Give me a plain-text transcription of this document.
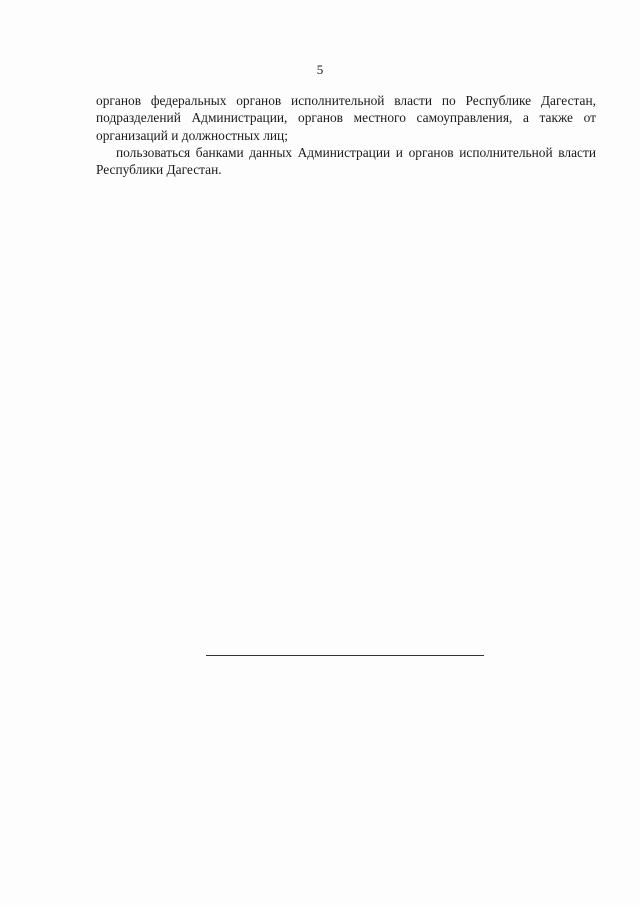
5

органов федеральных органов исполнительной власти по Республике Дагестан, подразделений Администрации, органов местного самоуправления, а также от организаций и должностных лиц;

пользоваться банками данных Администрации и органов исполнительной власти Республики Дагестан.
